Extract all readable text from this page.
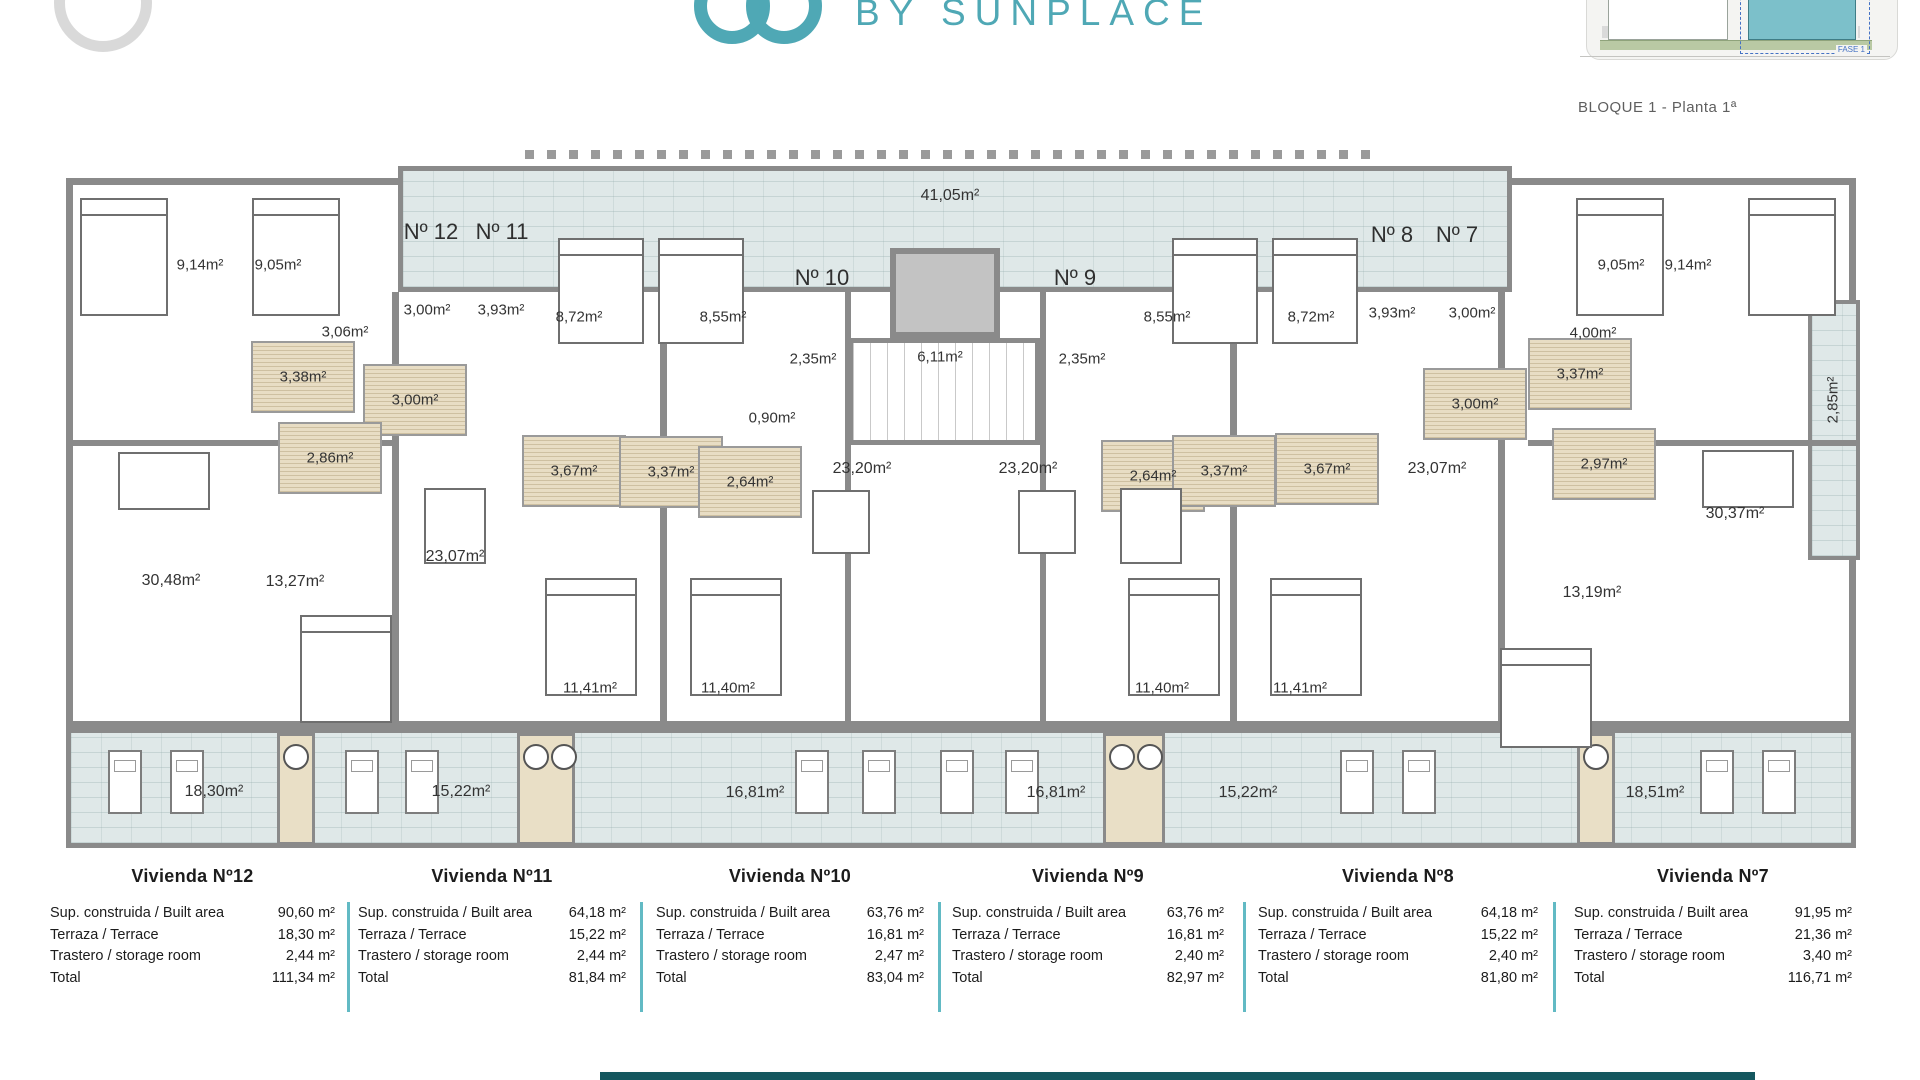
BY SUNPLACE
FASE 1
BLOQUE 1 - Planta 1ª
Nº 12 Nº 11
Nº 10	Nº 9
Nº 8 Nº 7
41,05m²
9,14m² 9,05m²
3,06m²
3,00m² 3,93m² 8,72m²	8,55m²
2,35m²	6,11m²	2,35m²
8,55m²	8,72m² 3,93m² 3,00m²
4,00m²
9,05m² 9,14m²
3,38m²
3,00m²
2,86m²
0,90m²
3,67m²	3,37m²
2,64m²
23,20m²	23,20m²	2,64m² 3,37m²	3,67m²	23,07m²
3,00m²
3,37m²
2,97m²
30,48m²	13,27m²
23,07m²
11,41m²	11,40m²	11,40m²	11,41m²
13,19m²
30,37m²
2,85m²
18,30m²	15,22m²	16,81m²	16,81m²	15,22m²	18,51m²
Vivienda Nº12
Sup. construida / Built area	90,60 m²
Terraza / Terrace	18,30 m²
Trastero / storage room	2,44 m²
Total	111,34 m²
Vivienda Nº11
Sup. construida / Built area	64,18 m²
Terraza / Terrace	15,22 m²
Trastero / storage room	2,44 m²
Total	81,84 m²
Vivienda Nº10
Sup. construida / Built area	63,76 m²
Terraza / Terrace	16,81 m²
Trastero / storage room	2,47 m²
Total	83,04 m²
Vivienda Nº9
Sup. construida / Built area	63,76 m²
Terraza / Terrace	16,81 m²
Trastero / storage room	2,40 m²
Total	82,97 m²
Vivienda Nº8
Sup. construida / Built area	64,18 m²
Terraza / Terrace	15,22 m²
Trastero / storage room	2,40 m²
Total	81,80 m²
Vivienda Nº7
Sup. construida / Built area	91,95 m²
Terraza / Terrace	21,36 m²
Trastero / storage room	3,40 m²
Total	116,71 m²
